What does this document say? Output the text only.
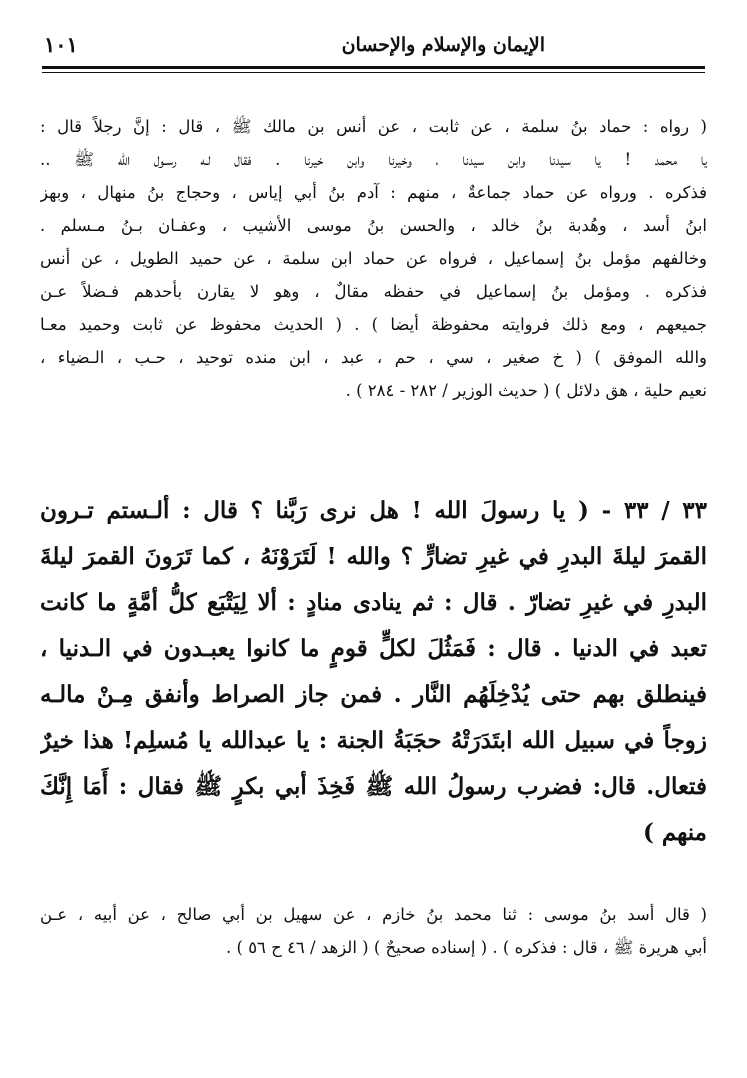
الإيمان والإسلام والإحسان
١٠١
( رواه : حماد بنُ سلمة ، عن ثابت ، عن أنس بن مالك ﷺ ، قال : إنَّ رجلاً قال :
يا محمد ! يا سيدنا وابن سيدنا ، وخيرنا وابن خيرنا . فقال لـه رسـول الله ﷺ ..
فذكره . ورواه عن حماد جماعةٌ ، منهم : آدم بنُ أبي إياس ، وحجاج بنُ منهال ، وبهز
ابنُ أسد ، وهُدبة بنُ خالد ، والحسن بنُ موسى الأشيب ، وعفـان بـنُ مـسلم .
وخالفهم مؤمل بنُ إسماعيل ، فرواه عن حماد ابن سلمة ، عن حميد الطويل ، عن أنس
فذكره . ومؤمل بنُ إسماعيل في حفظه مقالٌ ، وهو لا يقارن بأحدهم فـضلاً عـن
جميعهم ، ومع ذلك فروايته محفوظة أيضا ) . ( الحديث محفوظ عن ثابت وحميد معـا
والله الموفق ) ( خ صغير ، سي ، حم ، عبد ، ابن منده توحيد ، حـب ، الـضياء ،
نعيم حلية ، هق دلائل ) ( حديث الوزير / ٢٨٢ - ٢٨٤ ) .
٣٣ / ٣٣ - ( يا رسولَ الله ! هل نرى رَبَّنا ؟ قال : ألـستم تـرون
القمرَ ليلةَ البدرِ في غيرِ تضارٍّ ؟ والله ! لَتَرَوْنَهُ ، كما تَرَونَ القمرَ ليلةَ
البدرِ في غيرِ تضارّ . قال : ثم ينادى منادٍ : ألا لِيَتْبَع كلُّ أمَّةٍ ما كانت
تعبد في الدنيا . قال : فَمَثُلَ لكلٍّ قومٍ ما كانوا يعبـدون في الـدنيا ،
فينطلق بهم حتى يُدْخِلَهُم النَّار . فمن جاز الصراط وأنفق مِـنْ مالـه
زوجاً في سبيل الله ابتَدَرَتْهُ حجَبَةُ الجنة : يا عبدالله يا مُسلِم! هذا خيرٌ
فتعال. قال: فضرب رسولُ الله ﷺ فَخِذَ أبي بكرٍ ﷺ فقال : أَمَا إِنَّكَ
منهم )
( قال أسد بنُ موسى : ثنا محمد بنُ خازم ، عن سهيل بن أبي صالح ، عن أبيه ، عـن
أبي هريرة ﷺ ، قال : فذكره ) . ( إسناده صحيحٌ ) ( الزهد / ٤٦ ح ٥٦ ) .
